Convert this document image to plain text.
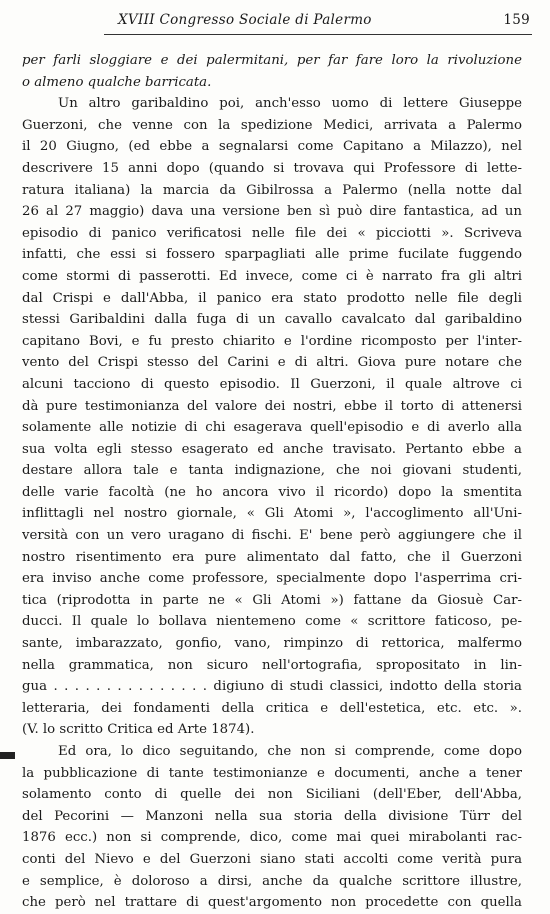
XVIII Congresso Sociale di Palermo	159
per farli sloggiare e dei palermitani, per far fare loro la rivoluzione
o almeno qualche barricata.
Un altro garibaldino poi, anch'esso uomo di lettere Giuseppe
Guerzoni, che venne con la spedizione Medici, arrivata a Palermo
il 20 Giugno, (ed ebbe a segnalarsi come Capitano a Milazzo), nel
descrivere 15 anni dopo (quando si trovava qui Professore di lette-
ratura italiana) la marcia da Gibilrossa a Palermo (nella notte dal
26 al 27 maggio) dava una versione ben sì può dire fantastica, ad un
episodio di panico verificatosi nelle file dei « picciotti ». Scriveva
infatti, che essi si fossero sparpagliati alle prime fucilate fuggendo
come stormi di passerotti. Ed invece, come ci è narrato fra gli altri
dal Crispi e dall'Abba, il panico era stato prodotto nelle file degli
stessi Garibaldini dalla fuga di un cavallo cavalcato dal garibaldino
capitano Bovi, e fu presto chiarito e l'ordine ricomposto per l'inter-
vento del Crispi stesso del Carini e di altri. Giova pure notare che
alcuni tacciono di questo episodio. Il Guerzoni, il quale altrove ci
dà pure testimonianza del valore dei nostri, ebbe il torto di attenersi
solamente alle notizie di chi esagerava quell'episodio e di averlo alla
sua volta egli stesso esagerato ed anche travisato. Pertanto ebbe a
destare allora tale e tanta indignazione, che noi giovani studenti,
delle varie facoltà (ne ho ancora vivo il ricordo) dopo la smentita
inflittagli nel nostro giornale, « Gli Atomi », l'accoglimento all'Uni-
versità con un vero uragano di fischi. E' bene però aggiungere che il
nostro risentimento era pure alimentato dal fatto, che il Guerzoni
era inviso anche come professore, specialmente dopo l'asperrima cri-
tica (riprodotta in parte ne « Gli Atomi ») fattane da Giosuè Car-
ducci. Il quale lo bollava nientemeno come « scrittore faticoso, pe-
sante, imbarazzato, gonfio, vano, rimpinzo di rettorica, malfermo
nella grammatica, non sicuro nell'ortografia, spropositato in lin-
gua . . . . . . . . . . . . . . . digiuno di studi classici, indotto della storia
letteraria, dei fondamenti della critica e dell'estetica, etc. etc. ».
(V. lo scritto Critica ed Arte 1874).
Ed ora, lo dico seguitando, che non si comprende, come dopo
la pubblicazione di tante testimonianze e documenti, anche a tener
solamento conto di quelle dei non Siciliani (dell'Eber, dell'Abba,
del Pecorini — Manzoni nella sua storia della divisione Türr del
1876 ecc.) non si comprende, dico, come mai quei mirabolanti rac-
conti del Nievo e del Guerzoni siano stati accolti come verità pura
e semplice, è doloroso a dirsi, anche da qualche scrittore illustre,
che però nel trattare di quest'argomento non procedette con quella
